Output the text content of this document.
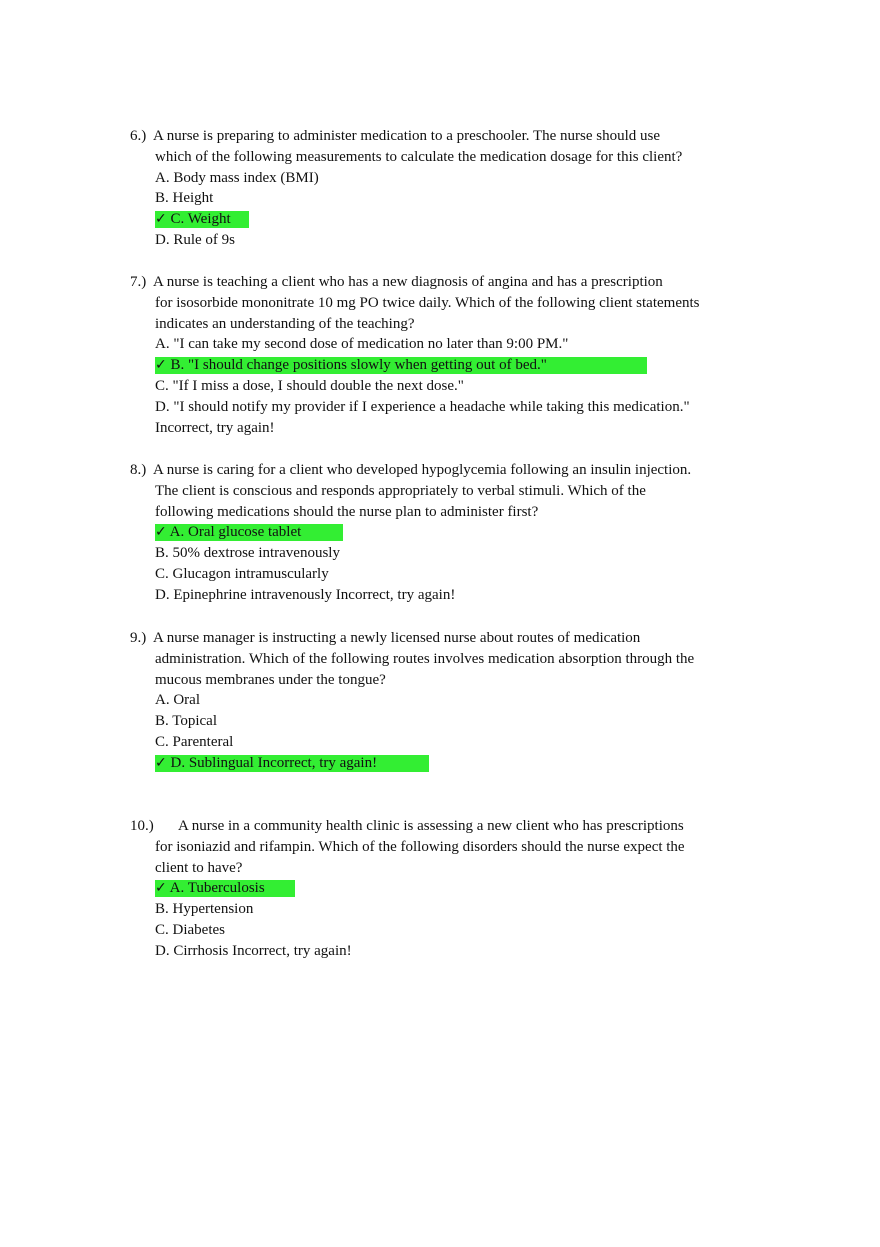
6.) A nurse is preparing to administer medication to a preschooler. The nurse should use
which of the following measurements to calculate the medication dosage for this client?
A. Body mass index (BMI)
B. Height
✓ C. Weight
D. Rule of 9s
7.) A nurse is teaching a client who has a new diagnosis of angina and has a prescription
for isosorbide mononitrate 10 mg PO twice daily. Which of the following client statements
indicates an understanding of the teaching?
A. "I can take my second dose of medication no later than 9:00 PM."
✓ B. "I should change positions slowly when getting out of bed."
C. "If I miss a dose, I should double the next dose."
D. "I should notify my provider if I experience a headache while taking this medication."
Incorrect, try again!
8.) A nurse is caring for a client who developed hypoglycemia following an insulin injection.
The client is conscious and responds appropriately to verbal stimuli. Which of the
following medications should the nurse plan to administer first?
✓ A. Oral glucose tablet
B. 50% dextrose intravenously
C. Glucagon intramuscularly
D. Epinephrine intravenously Incorrect, try again!
9.) A nurse manager is instructing a newly licensed nurse about routes of medication
administration. Which of the following routes involves medication absorption through the
mucous membranes under the tongue?
A. Oral
B. Topical
C. Parenteral
✓ D. Sublingual Incorrect, try again!
10.) A nurse in a community health clinic is assessing a new client who has prescriptions
for isoniazid and rifampin. Which of the following disorders should the nurse expect the
client to have?
✓ A. Tuberculosis
B. Hypertension
C. Diabetes
D. Cirrhosis Incorrect, try again!
